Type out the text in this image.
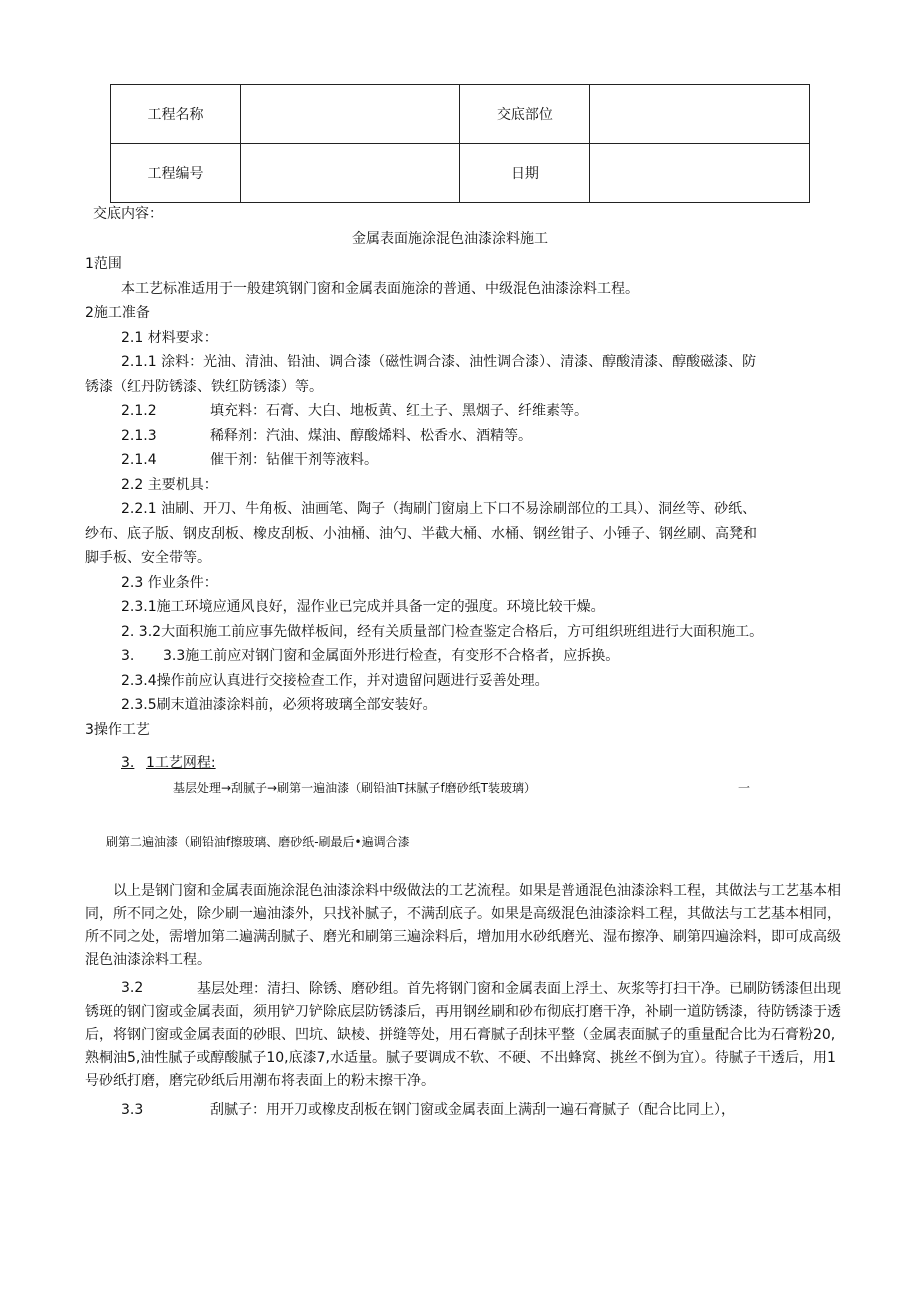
工程名称		交底部位	
工程编号		日期	
交底内容：
金属表面施涂混色油漆涂料施工
1范围
本工艺标准适用于一般建筑钢门窗和金属表面施涂的普通、中级混色油漆涂料工程。
2施工准备
2.1 材料要求：
2.1.1 涂料：光油、清油、铅油、调合漆（磁性调合漆、油性调合漆）、清漆、醇酸清漆、醇酸磁漆、防
锈漆（红丹防锈漆、铁红防锈漆）等。
2.1.2	填充料：石膏、大白、地板黄、红土子、黑烟子、纤维素等。
2.1.3	稀释剂：汽油、煤油、醇酸烯料、松香水、酒精等。
2.1.4	催干剂：钻催干剂等液料。
2.2 主要机具：
2.2.1 油刷、开刀、牛角板、油画笔、陶子（掏刷门窗扇上下口不易涂刷部位的工具）、洞丝等、砂纸、
纱布、底子版、钢皮刮板、橡皮刮板、小油桶、油勺、半截大桶、水桶、钢丝钳子、小锤子、钢丝刷、高凳和
脚手板、安全带等。
2.3 作业条件：
2.3.1施工环境应通风良好，湿作业已完成并具备一定的强度。环境比较干燥。
2. 3.2大面积施工前应事先做样板间，经有关质量部门检查鉴定合格后，方可组织班组进行大面积施工。
3. 3.3施工前应对钢门窗和金属面外形进行检查，有变形不合格者，应拆换。
2.3.4操作前应认真进行交接检查工作，并对遗留问题进行妥善处理。
2.3.5刷末道油漆涂料前，必须将玻璃全部安装好。
3操作工艺
3. 1工艺网程:
基层处理→刮腻子→刷第一遍油漆（刷铅油T抹腻子f磨砂纸T装玻璃）	一
刷第二遍油漆（刷铅油f擦玻璃、磨砂纸-刷最后•遍调合漆
以上是钢门窗和金属表面施涂混色油漆涂料中级做法的工艺流程。如果是普通混色油漆涂料工程，其做法与工艺基本相同，所不同之处，除少刷一遍油漆外，只找补腻子，不满刮底子。如果是高级混色油漆涂料工程，其做法与工艺基本相同，所不同之处，需增加第二遍满刮腻子、磨光和刷第三遍涂料后，增加用水砂纸磨光、湿布擦净、刷第四遍涂料，即可成高级混色油漆涂料工程。
3.2	基层处理：清扫、除锈、磨砂组。首先将钢门窗和金属表面上浮土、灰浆等打扫干净。已刷防锈漆但出现锈斑的钢门窗或金属表面，须用铲刀铲除底层防锈漆后，再用钢丝刷和砂布彻底打磨干净，补刷一道防锈漆，待防锈漆于透后，将钢门窗或金属表面的砂眼、凹坑、缺棱、拼缝等处，用石膏腻子刮抹平整（金属表面腻子的重量配合比为石膏粉20,熟桐油5,油性腻子或醇酸腻子10,底漆7,水适量。腻子要调成不软、不硬、不出蜂窝、挑丝不倒为宜）。待腻子干透后，用1号砂纸打磨，磨完砂纸后用潮布将表面上的粉末擦干净。
3.3	刮腻子：用开刀或橡皮刮板在钢门窗或金属表面上满刮一遍石膏腻子（配合比同上），
